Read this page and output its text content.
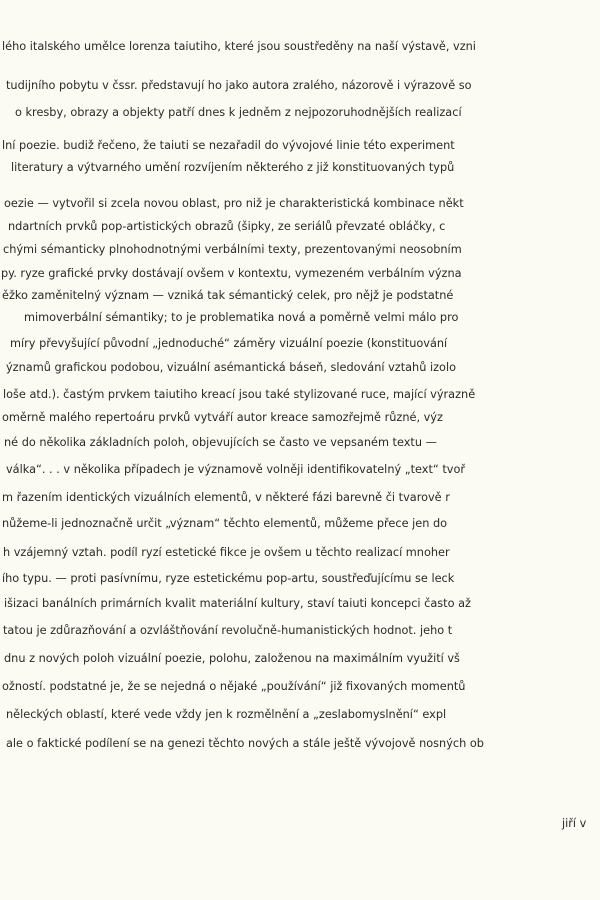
lého italského umělce lorenza taiutiho, které jsou soustředěny na naší výstavě, vzni
tudijního pobytu v čssr. představují ho jako autora zralého, názorově i výrazově so
o kresby, obrazy a objekty patří dnes k jedněm z nejpozoruhodnějších realizací
lní poezie. budiž řečeno, že taiuti se nezařadil do vývojové linie této experiment
literatury a výtvarného umění rozvíjením některého z již konstituovaných typů
oezie — vytvořil si zcela novou oblast, pro niž je charakteristická kombinace někt
ndartních prvků pop-artistických obrazů (šipky, ze seriálů převzaté obláčky, c
chými sémanticky plnohodnotnými verbálními texty, prezentovanými neosobním
py. ryze grafické prvky dostávají ovšem v kontextu, vymezeném verbálním význa
ěžko zaměnitelný význam — vzniká tak sémantický celek, pro nějž je podstatné
mimoverbální sémantiky; to je problematika nová a poměrně velmi málo pro
míry převyšující původní „jednoduché“ záměry vizuální poezie (konstituování
ýznamů grafickou podobou, vizuální asémantická báseň, sledování vztahů izolo
loše atd.). častým prvkem taiutiho kreací jsou také stylizované ruce, mající výrazně
oměrně malého repertoáru prvků vytváří autor kreace samozřejmě různé, výz
né do několika základních poloh, objevujících se často ve vepsaném textu —
válka“. . . v několika případech je významově volněji identifikovatelný „text“ tvoř
m řazením identických vizuálních elementů, v některé fázi barevně či tvarově r
nůžeme-li jednoznačně určit „význam“ těchto elementů, můžeme přece jen do
h vzájemný vztah. podíl ryzí estetické fikce je ovšem u těchto realizací mnoher
ího typu. — proti pasívnímu, ryze estetickému pop-artu, soustřeďujícímu se leck
išizaci banálních primárních kvalit materiální kultury, staví taiuti koncepci často až
tatou je zdůrazňování a ozvláštňování revolučně-humanistických hodnot. jeho t
dnu z nových poloh vizuální poezie, polohu, založenou na maximálním využití vš
ožností. podstatné je, že se nejedná o nějaké „používání“ již fixovaných momentů
něleckých oblastí, které vede vždy jen k rozmělnění a „zeslabomyslnění“ expl
ale o faktické podílení se na genezi těchto nových a stále ještě vývojově nosných ob
jiří v
